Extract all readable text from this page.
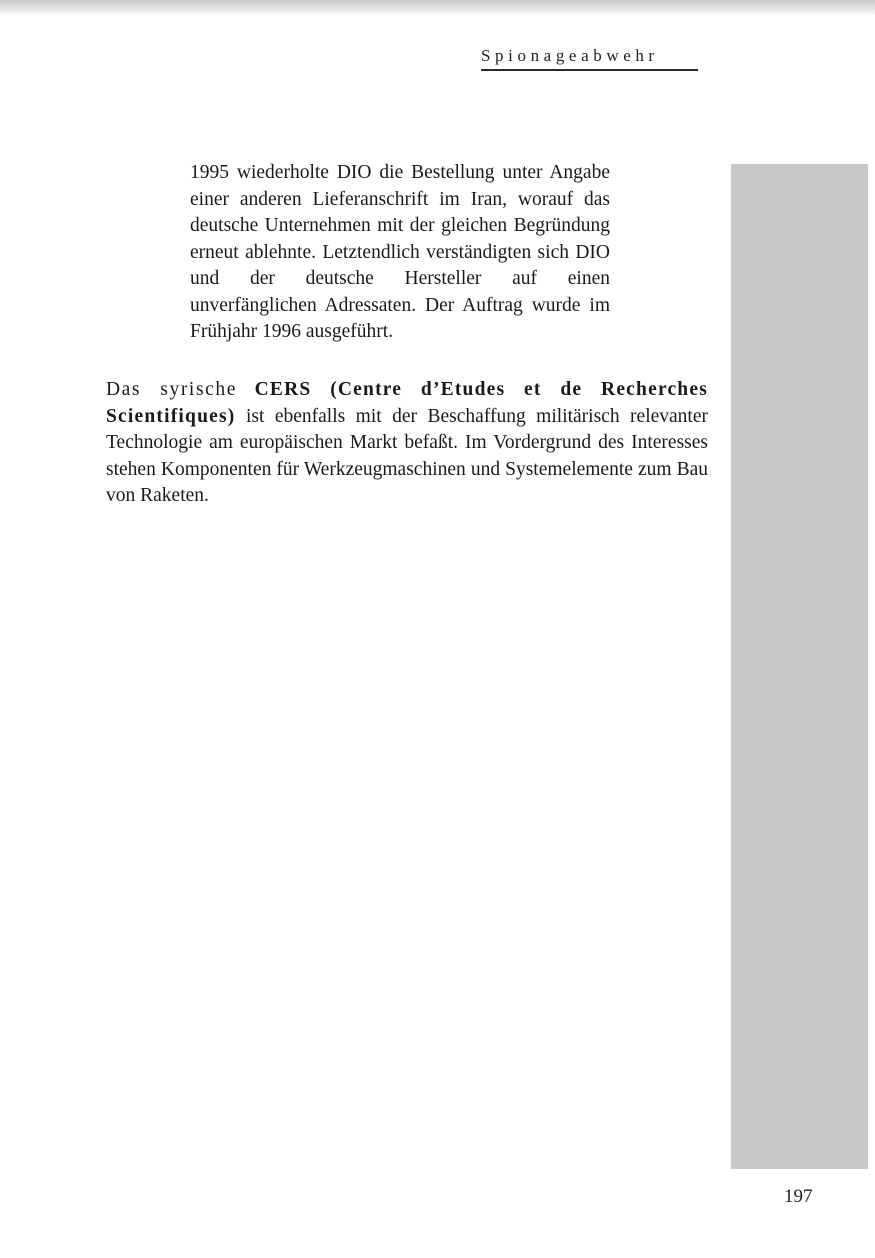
Spionageabwehr

1995 wiederholte DIO die Bestellung unter Angabe einer anderen Lieferanschrift im Iran, worauf das deutsche Unternehmen mit der gleichen Begründung erneut ablehnte. Letztendlich verständigten sich DIO und der deutsche Hersteller auf einen unverfänglichen Adressaten. Der Auftrag wurde im Frühjahr 1996 ausgeführt.

Das syrische CERS (Centre d’Etudes et de Recherches Scientifiques) ist ebenfalls mit der Beschaffung militärisch relevanter Technologie am europäischen Markt befaßt. Im Vordergrund des Interesses stehen Komponenten für Werkzeugmaschinen und Systemelemente zum Bau von Raketen.

197
